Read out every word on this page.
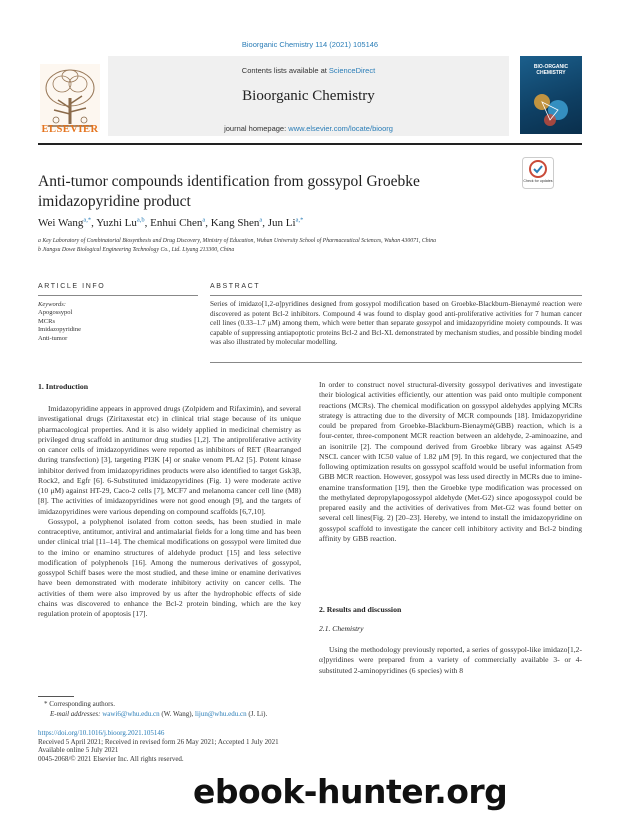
Bioorganic Chemistry 114 (2021) 105146
Contents lists available at ScienceDirect
Bioorganic Chemistry
journal homepage: www.elsevier.com/locate/bioorg
ELSEVIER
BIO-ORGANIC CHEMISTRY
Anti-tumor compounds identification from gossypol Groebke imidazopyridine product
Check for updates
Wei Wang$^{a,*}$, Yuzhi Lu$^{a,b}$, Enhui Chen$^a$, Kang Shen$^a$, Jun $Li^{a,*}$
a Key Laboratory of Combinatorial Biosynthesis and Drug Discovery, Ministry of Education, Wuhan University School of Pharmaceutical Sciences, Wuhan 430071, China
b Jiangsu Dowe Biological Engineering Technology Co., Ltd. Liyang 213300, China
ARTICLE INFO	ABSTRACT
Keywords:
Apogossypol
MCRs
Imidazopyridine
Anti-tumor
Series of imidazo[1,2-α]pyridines designed from gossypol modification based on Groebke-Blackburn-Bienaymé reaction were discovered as potent Bcl-2 inhibitors. Compound 4 was found to display good anti-proliferative activities for 7 human cancer cell lines (0.33–1.7 μM) among them, which were better than separate gossypol and imidazopyridine moiety compounds. It was capable of suppressing antiapoptotic proteins Bcl-2 and Bcl-XL demonstrated by mechanism studies, and possible binding model was also illustrated by molecular modelling.
1. Introduction

Imidazopyridine appears in approved drugs (Zolpidem and Rifaximin), and several investigational drugs (Ziritaxestat etc) in clinical trial stage because of its unique pharmacological properties. And it is also widely applied in medicinal chemistry as privileged drug scaffold in antitumor drug studies [1,2]. The antiproliferative activity on cancer cells of imidazopyridines were reported as inhibitors of RET (Rearranged during transfection) [3], targeting PI3K [4] or snake venom PLA2 [5]. Potent kinase inhibitor derived from imidazopyridines products were also identified to target Gsk3β, Rock2, and Egfr [6]. 6-Substituted imidazopyridines (Fig. 1) were moderate active (10 μM) against HT-29, Caco-2 cells [7], MCF7 and melanoma cancer cell line (M8) [8]. The activities of imidazopyridines were not good enough [9], and the targets of imidazopyridines were various depending on compound scaffolds [6,7,10].

Gossypol, a polyphenol isolated from cotton seeds, has been studied in male contraceptive, antitumor, antiviral and antimalarial fields for a long time and has been under clinical trial [11–14]. The chemical modifications on gossypol were limited due to the imino or enamino structures of aldehyde product [15] and less selective modification of polyphenols [16]. Among the numerous derivatives of gossypol, gossypol Schiff bases were the most studied, and these imine or enamine derivatives have been demonstrated with moderate inhibitory activity on cancer cells. The activities of them were also improved by us after the hydrophobic effects of side chains was discovered to enhance the Bcl-2 protein binding, which are the key regulation protein of apoptosis [17].

In order to construct novel structural-diversity gossypol derivatives and investigate their biological activities efficiently, our attention was paid onto multiple component reactions (MCRs). The chemical modification on gossypol aldehydes applying MCRs strategy is attracting due to the diversity of MCR compounds [18]. Imidazopyridine could be prepared from Groebke-Blackburn-Bienaymé(GBB) reaction, which is a four-center, three-component MCR reaction between an aldehyde, 2-aminoazine, and an isonitrile [2]. The compound derived from Groebke library was against A549 NSCL cancer with IC50 value of 1.82 μM [9]. In this regard, we conjectured that the following optimization results on gossypol scaffold would be useful information from GBB MCR reaction. However, gossypol was less used directly in MCRs due to imine-enamine transformation [19], then the Groebke type modification was processed on the methylated depropylapogossypol aldehyde (Met-G2) since apogossypol could be prepared easily and the activities of derivatives from Met-G2 was found better on several cell lines(Fig. 2) [20–23]. Hereby, we intend to install the imidazopyridine on gossypol scaffold to investigate the cancer cell inhibitory activity and Bcl-2 binding affinity by GBB reaction.

2. Results and discussion
2.1. Chemistry

Using the methodology previously reported, a series of gossypol-like imidazo[1,2-α]pyridines were prepared from a variety of commercially available 3- or 4-substituted 2-aminopyridines (6 species) with 8

* Corresponding authors.
E-mail addresses: wawi6@whu.edu.cn (W. Wang), lijun@whu.edu.cn (J. Li).
https://doi.org/10.1016/j.bioorg.2021.105146
Received 5 April 2021; Received in revised form 26 May 2021; Accepted 1 July 2021
Available online 5 July 2021
0045-2068/© 2021 Elsevier Inc. All rights reserved.
ebook-hunter.org
